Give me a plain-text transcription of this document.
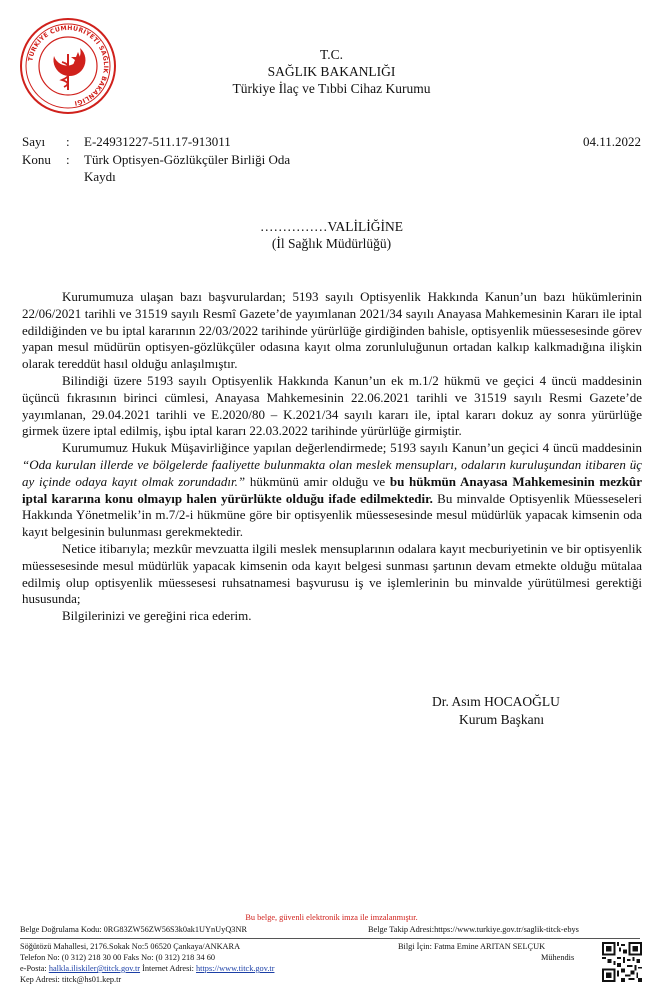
TÜRKİYE CUMHURİYETİ SAĞLIK BAKANLIĞI
T.C.
SAĞLIK BAKANLIĞI
Türkiye İlaç ve Tıbbi Cihaz Kurumu
Sayı : E-24931227-511.17-913011	04.11.2022
Konu : Türk Optisyen-Gözlükçüler Birliği Oda
Kaydı
……………VALİLİĞİNE
(İl Sağlık Müdürlüğü)

Kurumumuza ulaşan bazı başvurulardan; 5193 sayılı Optisyenlik Hakkında Kanun’un bazı hükümlerinin 22/06/2021 tarihli ve 31519 sayılı Resmî Gazete’de yayımlanan 2021/34 sayılı Anayasa Mahkemesinin Kararı ile iptal edildiğinden ve bu iptal kararının 22/03/2022 tarihinde yürürlüğe girdiğinden bahisle, optisyenlik müessesesinde görev yapan mesul müdürün optisyen-gözlükçüler odasına kayıt olma zorunluluğunun ortadan kalkıp kalkmadığına ilişkin olarak tereddüt hasıl olduğu anlaşılmıştır.

Bilindiği üzere 5193 sayılı Optisyenlik Hakkında Kanun’un ek m.1/2 hükmü ve geçici 4 üncü maddesinin üçüncü fıkrasının birinci cümlesi, Anayasa Mahkemesinin 22.06.2021 tarihli ve 31519 sayılı Resmi Gazete’de yayımlanan, 29.04.2021 tarihli ve E.2020/80 – K.2021/34 sayılı kararı ile, iptal kararı dokuz ay sonra yürürlüğe girmek üzere iptal edilmiş, işbu iptal kararı 22.03.2022 tarihinde yürürlüğe girmiştir.

Kurumumuz Hukuk Müşavirliğince yapılan değerlendirmede; 5193 sayılı Kanun’un geçici 4 üncü maddesinin “Oda kurulan illerde ve bölgelerde faaliyette bulunmakta olan meslek mensupları, odaların kuruluşundan itibaren üç ay içinde odaya kayıt olmak zorundadır.” hükmünü amir olduğu ve bu hükmün Anayasa Mahkemesinin mezkûr iptal kararına konu olmayıp halen yürürlükte olduğu ifade edilmektedir. Bu minvalde Optisyenlik Müesseseleri Hakkında Yönetmelik’in m.7/2-i hükmüne göre bir optisyenlik müessesesinde mesul müdürlük yapacak kimsenin oda kayıt belgesinin bulunması gerekmektedir.

Netice itibarıyla; mezkûr mevzuatta ilgili meslek mensuplarının odalara kayıt mecburiyetinin ve bir optisyenlik müessesesinde mesul müdürlük yapacak kimsenin oda kayıt belgesi sunması şartının devam etmekte olduğu mütalaa edilmiş olup optisyenlik müessesesi ruhsatnamesi başvurusu iş ve işlemlerinin bu minvalde yürütülmesi gerektiği hususunda;

Bilgilerinizi ve gereğini rica ederim.

Dr. Asım HOCAOĞLU
Kurum Başkanı
Bu belge, güvenli elektronik imza ile imzalanmıştır.
Belge Doğrulama Kodu: 0RG83ZW56ZW56S3k0ak1UYnUyQ3NR	Belge Takip Adresi:https://www.turkiye.gov.tr/saglik-titck-ebys
Söğütözü Mahallesi, 2176.Sokak No:5 06520 Çankaya/ANKARA
Telefon No: (0 312) 218 30 00 Faks No: (0 312) 218 34 60
e-Posta: halkla.iliskiler@titck.gov.tr İnternet Adresi: https://www.titck.gov.tr
Kep Adresi: titck@hs01.kep.tr
Bilgi İçin: Fatma Emine ARITAN SELÇUK
Mühendis
